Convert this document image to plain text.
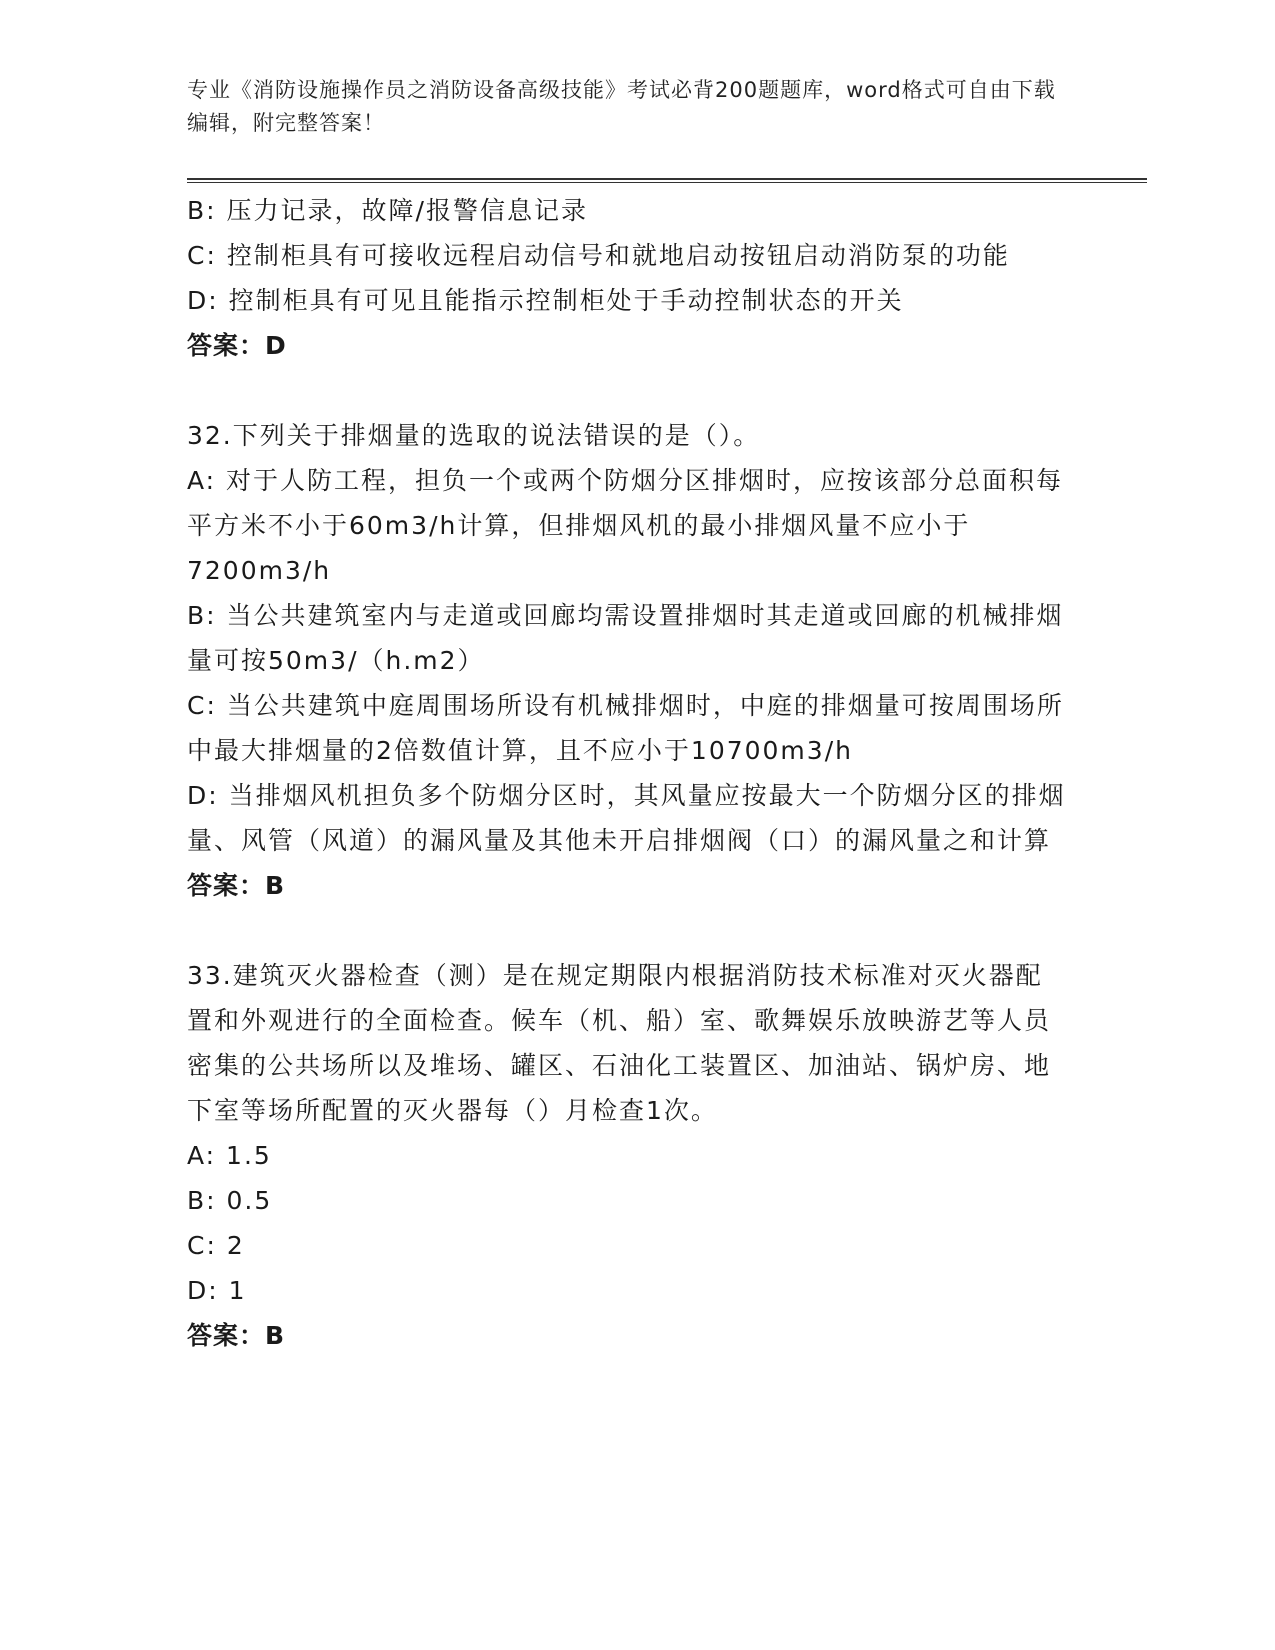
专业《消防设施操作员之消防设备高级技能》考试必背200题题库，word格式可自由下载编辑，附完整答案！

B: 压力记录，故障/报警信息记录

C: 控制柜具有可接收远程启动信号和就地启动按钮启动消防泵的功能

D: 控制柜具有可见且能指示控制柜处于手动控制状态的开关

答案：D

32.下列关于排烟量的选取的说法错误的是（）。

A: 对于人防工程，担负一个或两个防烟分区排烟时，应按该部分总面积每平方米不小于60m3/h计算，但排烟风机的最小排烟风量不应小于7200m3/h

B: 当公共建筑室内与走道或回廊均需设置排烟时其走道或回廊的机械排烟量可按50m3/（h.m2）

C: 当公共建筑中庭周围场所设有机械排烟时，中庭的排烟量可按周围场所中最大排烟量的2倍数值计算，且不应小于10700m3/h

D: 当排烟风机担负多个防烟分区时，其风量应按最大一个防烟分区的排烟量、风管（风道）的漏风量及其他未开启排烟阀（口）的漏风量之和计算

答案：B

33.建筑灭火器检查（测）是在规定期限内根据消防技术标准对灭火器配置和外观进行的全面检查。候车（机、船）室、歌舞娱乐放映游艺等人员密集的公共场所以及堆场、罐区、石油化工装置区、加油站、锅炉房、地下室等场所配置的灭火器每（）月检查1次。

A: 1.5

B: 0.5

C: 2

D: 1

答案：B
